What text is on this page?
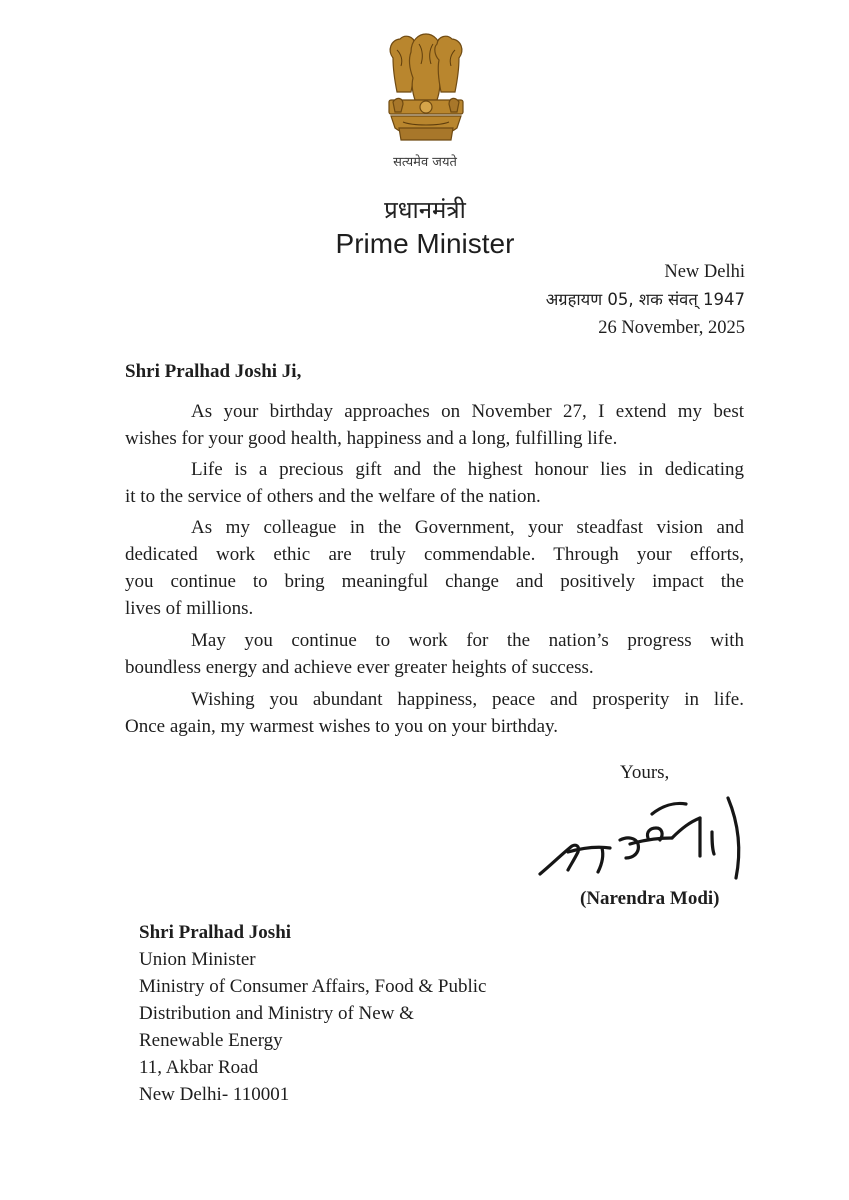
सत्यमेव जयते
प्रधानमंत्री
Prime Minister
New Delhi
अग्रहायण 05, शक संवत् 1947
26 November, 2025
Shri Pralhad Joshi Ji,
As your birthday approaches on November 27, I extend my best
wishes for your good health, happiness and a long, fulfilling life.
Life is a precious gift and the highest honour lies in dedicating
it to the service of others and the welfare of the nation.
As my colleague in the Government, your steadfast vision and
dedicated work ethic are truly commendable. Through your efforts,
you continue to bring meaningful change and positively impact the
lives of millions.
May you continue to work for the nation’s progress with
boundless energy and achieve ever greater heights of success.
Wishing you abundant happiness, peace and prosperity in life.
Once again, my warmest wishes to you on your birthday.
Yours,
(Narendra Modi)
Shri Pralhad Joshi
Union Minister
Ministry of Consumer Affairs, Food & Public
Distribution and Ministry of New &
Renewable Energy
11, Akbar Road
New Delhi- 110001
